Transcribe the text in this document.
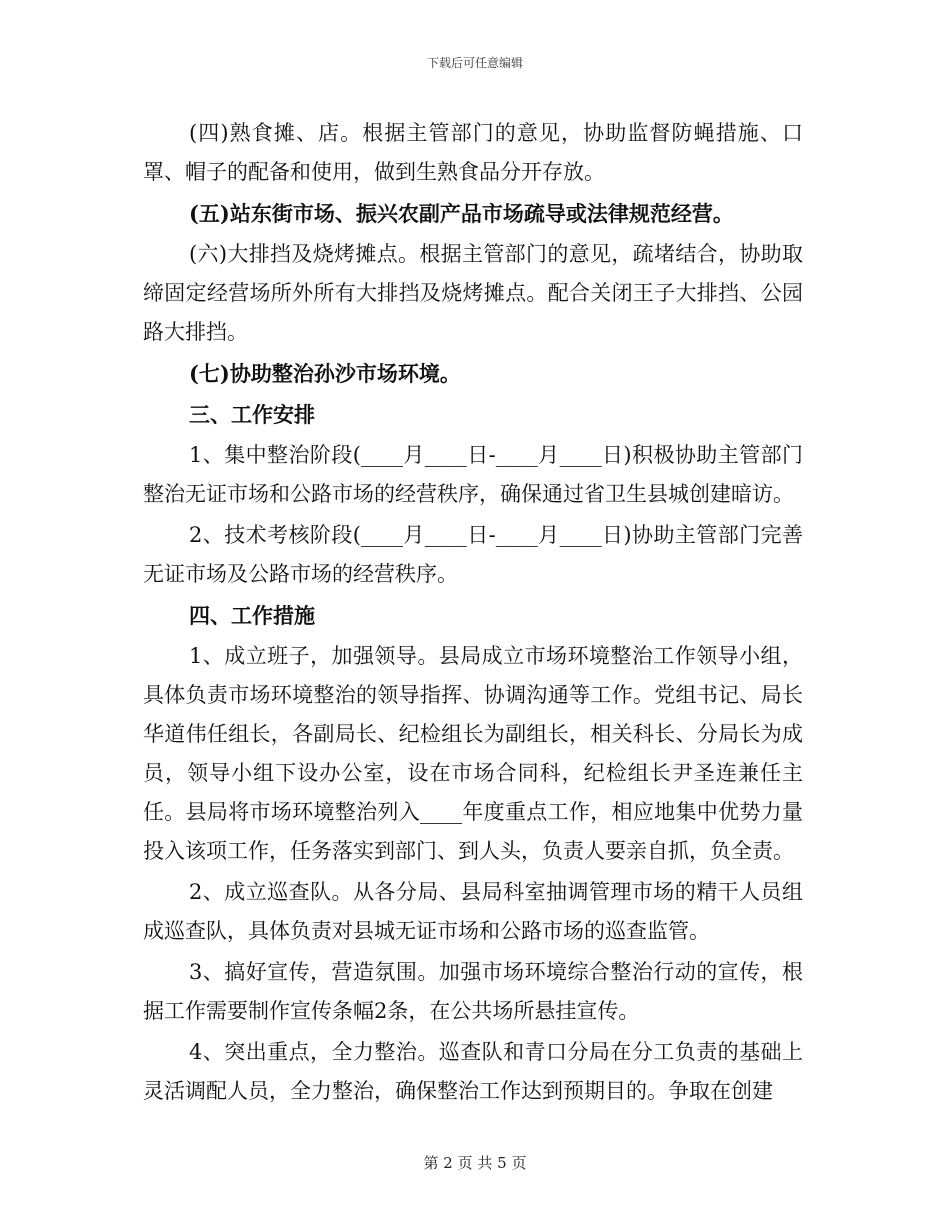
下载后可任意编辑

(四)熟食摊、店。根据主管部门的意见，协助监督防蝇措施、口罩、帽子的配备和使用，做到生熟食品分开存放。

(五)站东街市场、振兴农副产品市场疏导或法律规范经营。

(六)大排挡及烧烤摊点。根据主管部门的意见，疏堵结合，协助取缔固定经营场所外所有大排挡及烧烤摊点。配合关闭王子大排挡、公园路大排挡。

(七)协助整治孙沙市场环境。

三、工作安排

1、集中整治阶段(____月____日-____月____日)积极协助主管部门整治无证市场和公路市场的经营秩序，确保通过省卫生县城创建暗访。

2、技术考核阶段(____月____日-____月____日)协助主管部门完善无证市场及公路市场的经营秩序。

四、工作措施

1、成立班子，加强领导。县局成立市场环境整治工作领导小组，具体负责市场环境整治的领导指挥、协调沟通等工作。党组书记、局长华道伟任组长，各副局长、纪检组长为副组长，相关科长、分局长为成员，领导小组下设办公室，设在市场合同科，纪检组长尹圣连兼任主任。县局将市场环境整治列入____年度重点工作，相应地集中优势力量投入该项工作，任务落实到部门、到人头，负责人要亲自抓，负全责。

2、成立巡查队。从各分局、县局科室抽调管理市场的精干人员组成巡查队，具体负责对县城无证市场和公路市场的巡查监管。

3、搞好宣传，营造氛围。加强市场环境综合整治行动的宣传，根据工作需要制作宣传条幅2条，在公共场所悬挂宣传。

4、突出重点，全力整治。巡查队和青口分局在分工负责的基础上灵活调配人员，全力整治，确保整治工作达到预期目的。争取在创建

第 2 页 共 5 页
